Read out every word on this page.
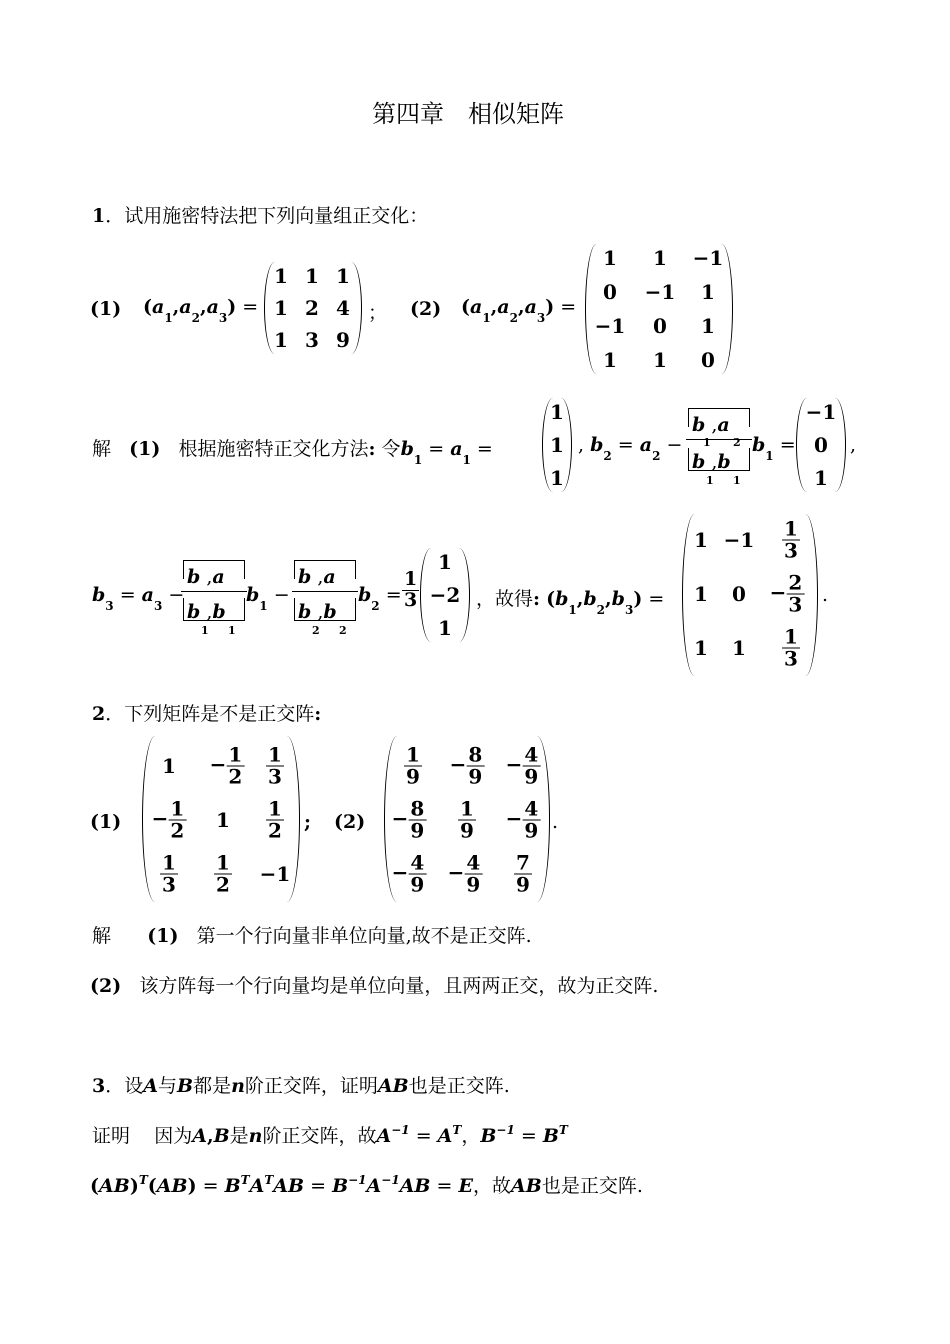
第四章　相似矩阵
1．试用施密特法把下列向量组正交化：
(1) $(a_1,a_2,a_3)$ =
1 1 1
1 2 4
1 3 9
； (2) $(a_1,a_2,a_3)$ =
1 1 −1
0 −1 1
−1 0 1
1 1 0
解 (1) 根据施密特正交化方法: 令$b_1 = a_1$ =
1
1
1
, $b_2 = a_2$ −
b ,a
1 2
b ,b
1 1
$b_1$ =
−1
0
1
,
$b_3 = a_3$ −
b ,a
b ,b
1 1
$b_1$ −
b ,a
b ,b
2 2
$b_2 = \frac{1}{3}$
1
−2
1
，故得: $(b_1,b_2,b_3)$ =
$1 -1 \frac{1}{3}$
1 $0 - \frac{2}{3}$
1 $1 \frac{1}{3}$
.
2．下列矩阵是不是正交阵:
(1)
$1 - \frac{1}{2} \frac{1}{3}$
− $\frac{1}{2} 1 \frac{1}{2}$
$\frac{1}{3} \frac{1}{2} -1$
; (2)
$\frac{1}{9} - \frac{8}{9} - \frac{4}{9}$
− $\frac{8}{9} \frac{1}{9} - \frac{4}{9}$
− $\frac{4}{9} - \frac{4}{9} \frac{7}{9}$
.
解 (1) 第一个行向量非单位向量,故不是正交阵.
(2) 该方阵每一个行向量均是单位向量，且两两正交，故为正交阵.
3．设A与B都是n阶正交阵，证明AB也是正交阵.
证明 因为A,B是n阶正交阵，故$A^{-1} = A^T$，$B^{-1} = B^T$
$(AB)^T(AB) = B^TA^TAB = B^{-1}A^{-1}AB = E$，故AB也是正交阵.
